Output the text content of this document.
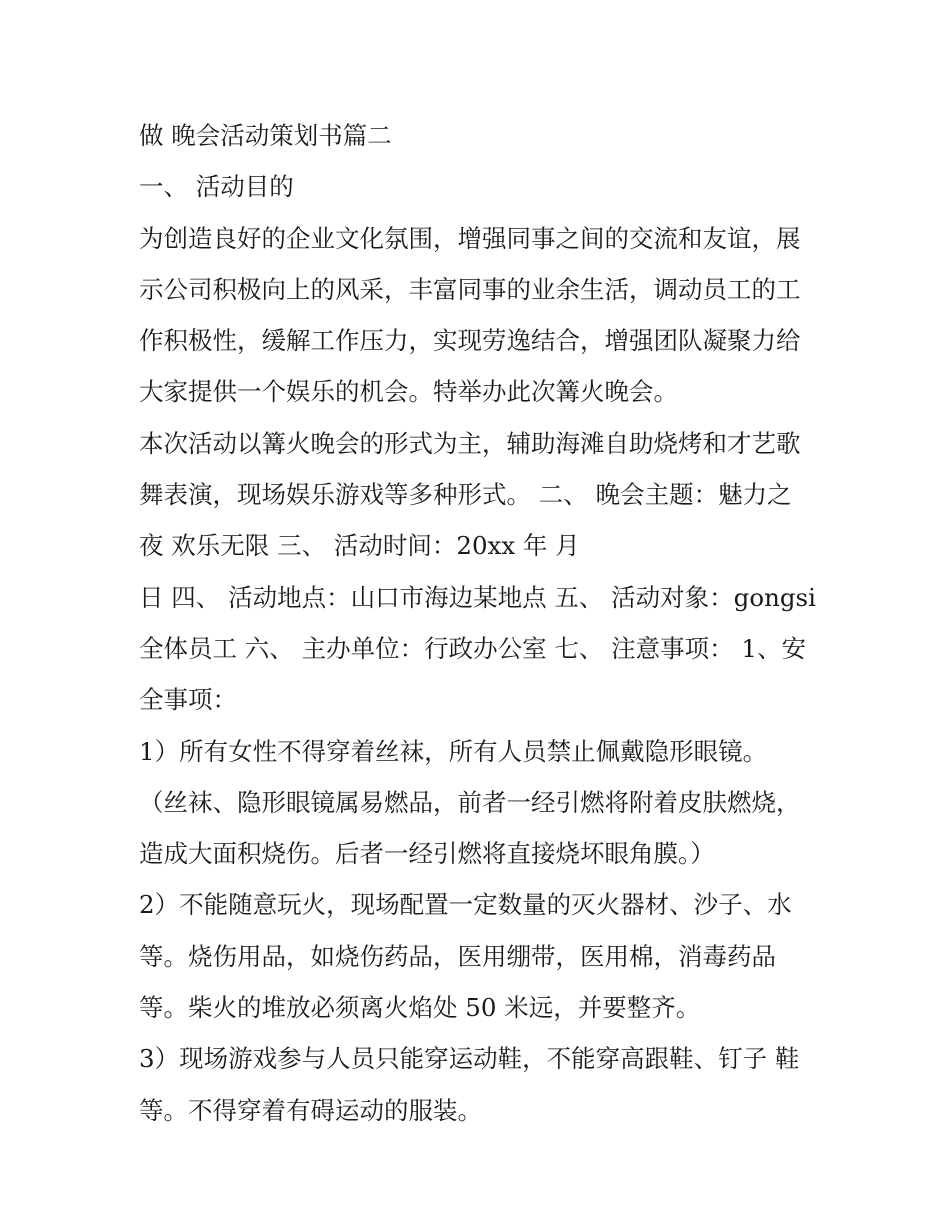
做 晚会活动策划书篇二
一、 活动目的
为创造良好的企业文化氛围，增强同事之间的交流和友谊，展
示公司积极向上的风采，丰富同事的业余生活，调动员工的工
作积极性，缓解工作压力，实现劳逸结合，增强团队凝聚力给
大家提供一个娱乐的机会。特举办此次篝火晚会。
本次活动以篝火晚会的形式为主，辅助海滩自助烧烤和才艺歌
舞表演，现场娱乐游戏等多种形式。 二、 晚会主题：魅力之
夜 欢乐无限 三、 活动时间：20xx 年 月
日 四、 活动地点：山口市海边某地点 五、 活动对象：gongsi
全体员工 六、 主办单位：行政办公室 七、 注意事项： 1、安
全事项：
1）所有女性不得穿着丝袜，所有人员禁止佩戴隐形眼镜。
（丝袜、隐形眼镜属易燃品，前者一经引燃将附着皮肤燃烧，
造成大面积烧伤。后者一经引燃将直接烧坏眼角膜。）
2）不能随意玩火，现场配置一定数量的灭火器材、沙子、水
等。烧伤用品，如烧伤药品，医用绷带，医用棉，消毒药品
等。柴火的堆放必须离火焰处 50 米远，并要整齐。
3）现场游戏参与人员只能穿运动鞋，不能穿高跟鞋、钉子 鞋
等。不得穿着有碍运动的服装。
